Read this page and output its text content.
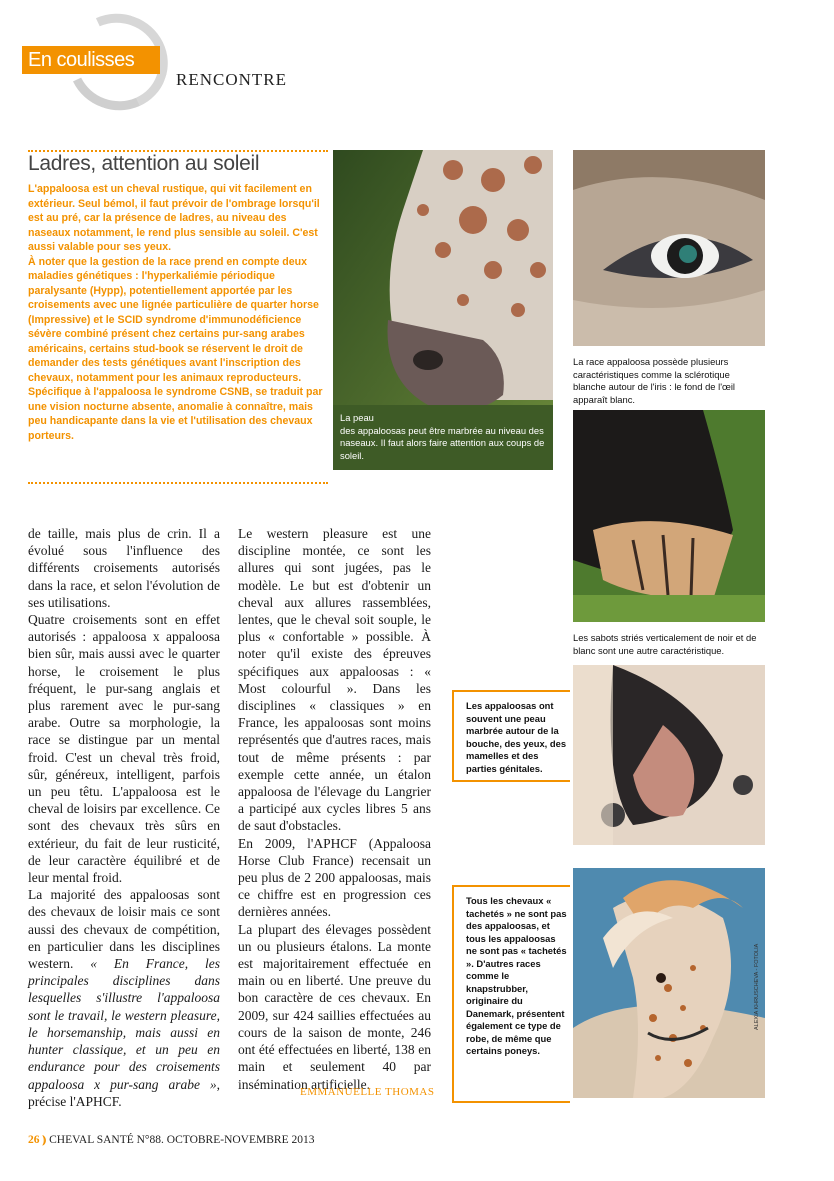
En coulisses
RENCONTRE
Ladres, attention au soleil

L'appaloosa est un cheval rustique, qui vit facilement en extérieur. Seul bémol, il faut prévoir de l'ombrage lorsqu'il est au pré, car la présence de ladres, au niveau des naseaux notamment, le rend plus sensible au soleil. C'est aussi valable pour ses yeux.

À noter que la gestion de la race prend en compte deux maladies génétiques : l'hyperkaliémie périodique paralysante (Hypp), potentiellement apportée par les croisements avec une lignée particulière de quarter horse (Impressive) et le SCID syndrome d'immunodéficience sévère combiné présent chez certains pur-sang arabes américains, certains stud-book se réservent le droit de demander des tests génétiques avant l'inscription des chevaux, notamment pour les animaux reproducteurs. Spécifique à l'appaloosa le syndrome CSNB, se traduit par une vision nocturne absente, anomalie à connaître, mais peu handicapante dans la vie et l'utilisation des chevaux porteurs.

La peau
des appaloosas peut être marbrée au niveau des naseaux. Il faut alors faire attention aux coups de soleil.
La race appaloosa possède plusieurs caractéristiques comme la sclérotique blanche autour de l'iris : le fond de l'œil apparaît blanc.
Les sabots striés verticalement de noir et de blanc sont une autre caractéristique.
Les appaloosas ont souvent une peau marbrée autour de la bouche, des yeux, des mamelles et des parties génitales.
Tous les chevaux « tachetés » ne sont pas des appaloosas, et tous les appaloosas ne sont pas « tachetés ». D'autres races comme le knapstrubber, originaire du Danemark, présentent également ce type de robe, de même que certains poneys.
ALEXIA KHRUSCHEVA - FOTOLIA

de taille, mais plus de crin. Il a évolué sous l'influence des différents croisements autorisés dans la race, et selon l'évolution de ses utilisations.

Quatre croisements sont en effet autorisés : appaloosa x appaloosa bien sûr, mais aussi avec le quarter horse, le croisement le plus fréquent, le pur-sang anglais et plus rarement avec le pur-sang arabe. Outre sa morphologie, la race se distingue par un mental froid. C'est un cheval très froid, sûr, généreux, intelligent, parfois un peu têtu. L'appaloosa est le cheval de loisirs par excellence. Ce sont des chevaux très sûrs en extérieur, du fait de leur rusticité, de leur caractère équilibré et de leur mental froid.

La majorité des appaloosas sont des chevaux de loisir mais ce sont aussi des chevaux de compétition, en particulier dans les disciplines western. « En France, les principales disciplines dans lesquelles s'illustre l'appaloosa sont le travail, le western pleasure, le horsemanship, mais aussi en hunter classique, et un peu en endurance pour des croisements appaloosa x pur-sang arabe », précise l'APHCF.

Le western pleasure est une discipline montée, ce sont les allures qui sont jugées, pas le modèle. Le but est d'obtenir un cheval aux allures rassemblées, lentes, que le cheval soit souple, le plus « confortable » possible. À noter qu'il existe des épreuves spécifiques aux appaloosas : « Most colourful ». Dans les disciplines « classiques » en France, les appaloosas sont moins représentés que d'autres races, mais tout de même présents : par exemple cette année, un étalon appaloosa de l'élevage du Langrier a participé aux cycles libres 5 ans de saut d'obstacles.

En 2009, l'APHCF (Appaloosa Horse Club France) recensait un peu plus de 2 200 appaloosas, mais ce chiffre est en progression ces dernières années.

La plupart des élevages possèdent un ou plusieurs étalons. La monte est majoritairement effectuée en main ou en liberté. Une preuve du bon caractère de ces chevaux. En 2009, sur 424 saillies effectuées au cours de la saison de monte, 246 ont été effectuées en liberté, 138 en main et seulement 40 par insémination artificielle.

EMMANUELLE THOMAS
26 ⦆ CHEVAL SANTÉ N°88. OCTOBRE-NOVEMBRE 2013
